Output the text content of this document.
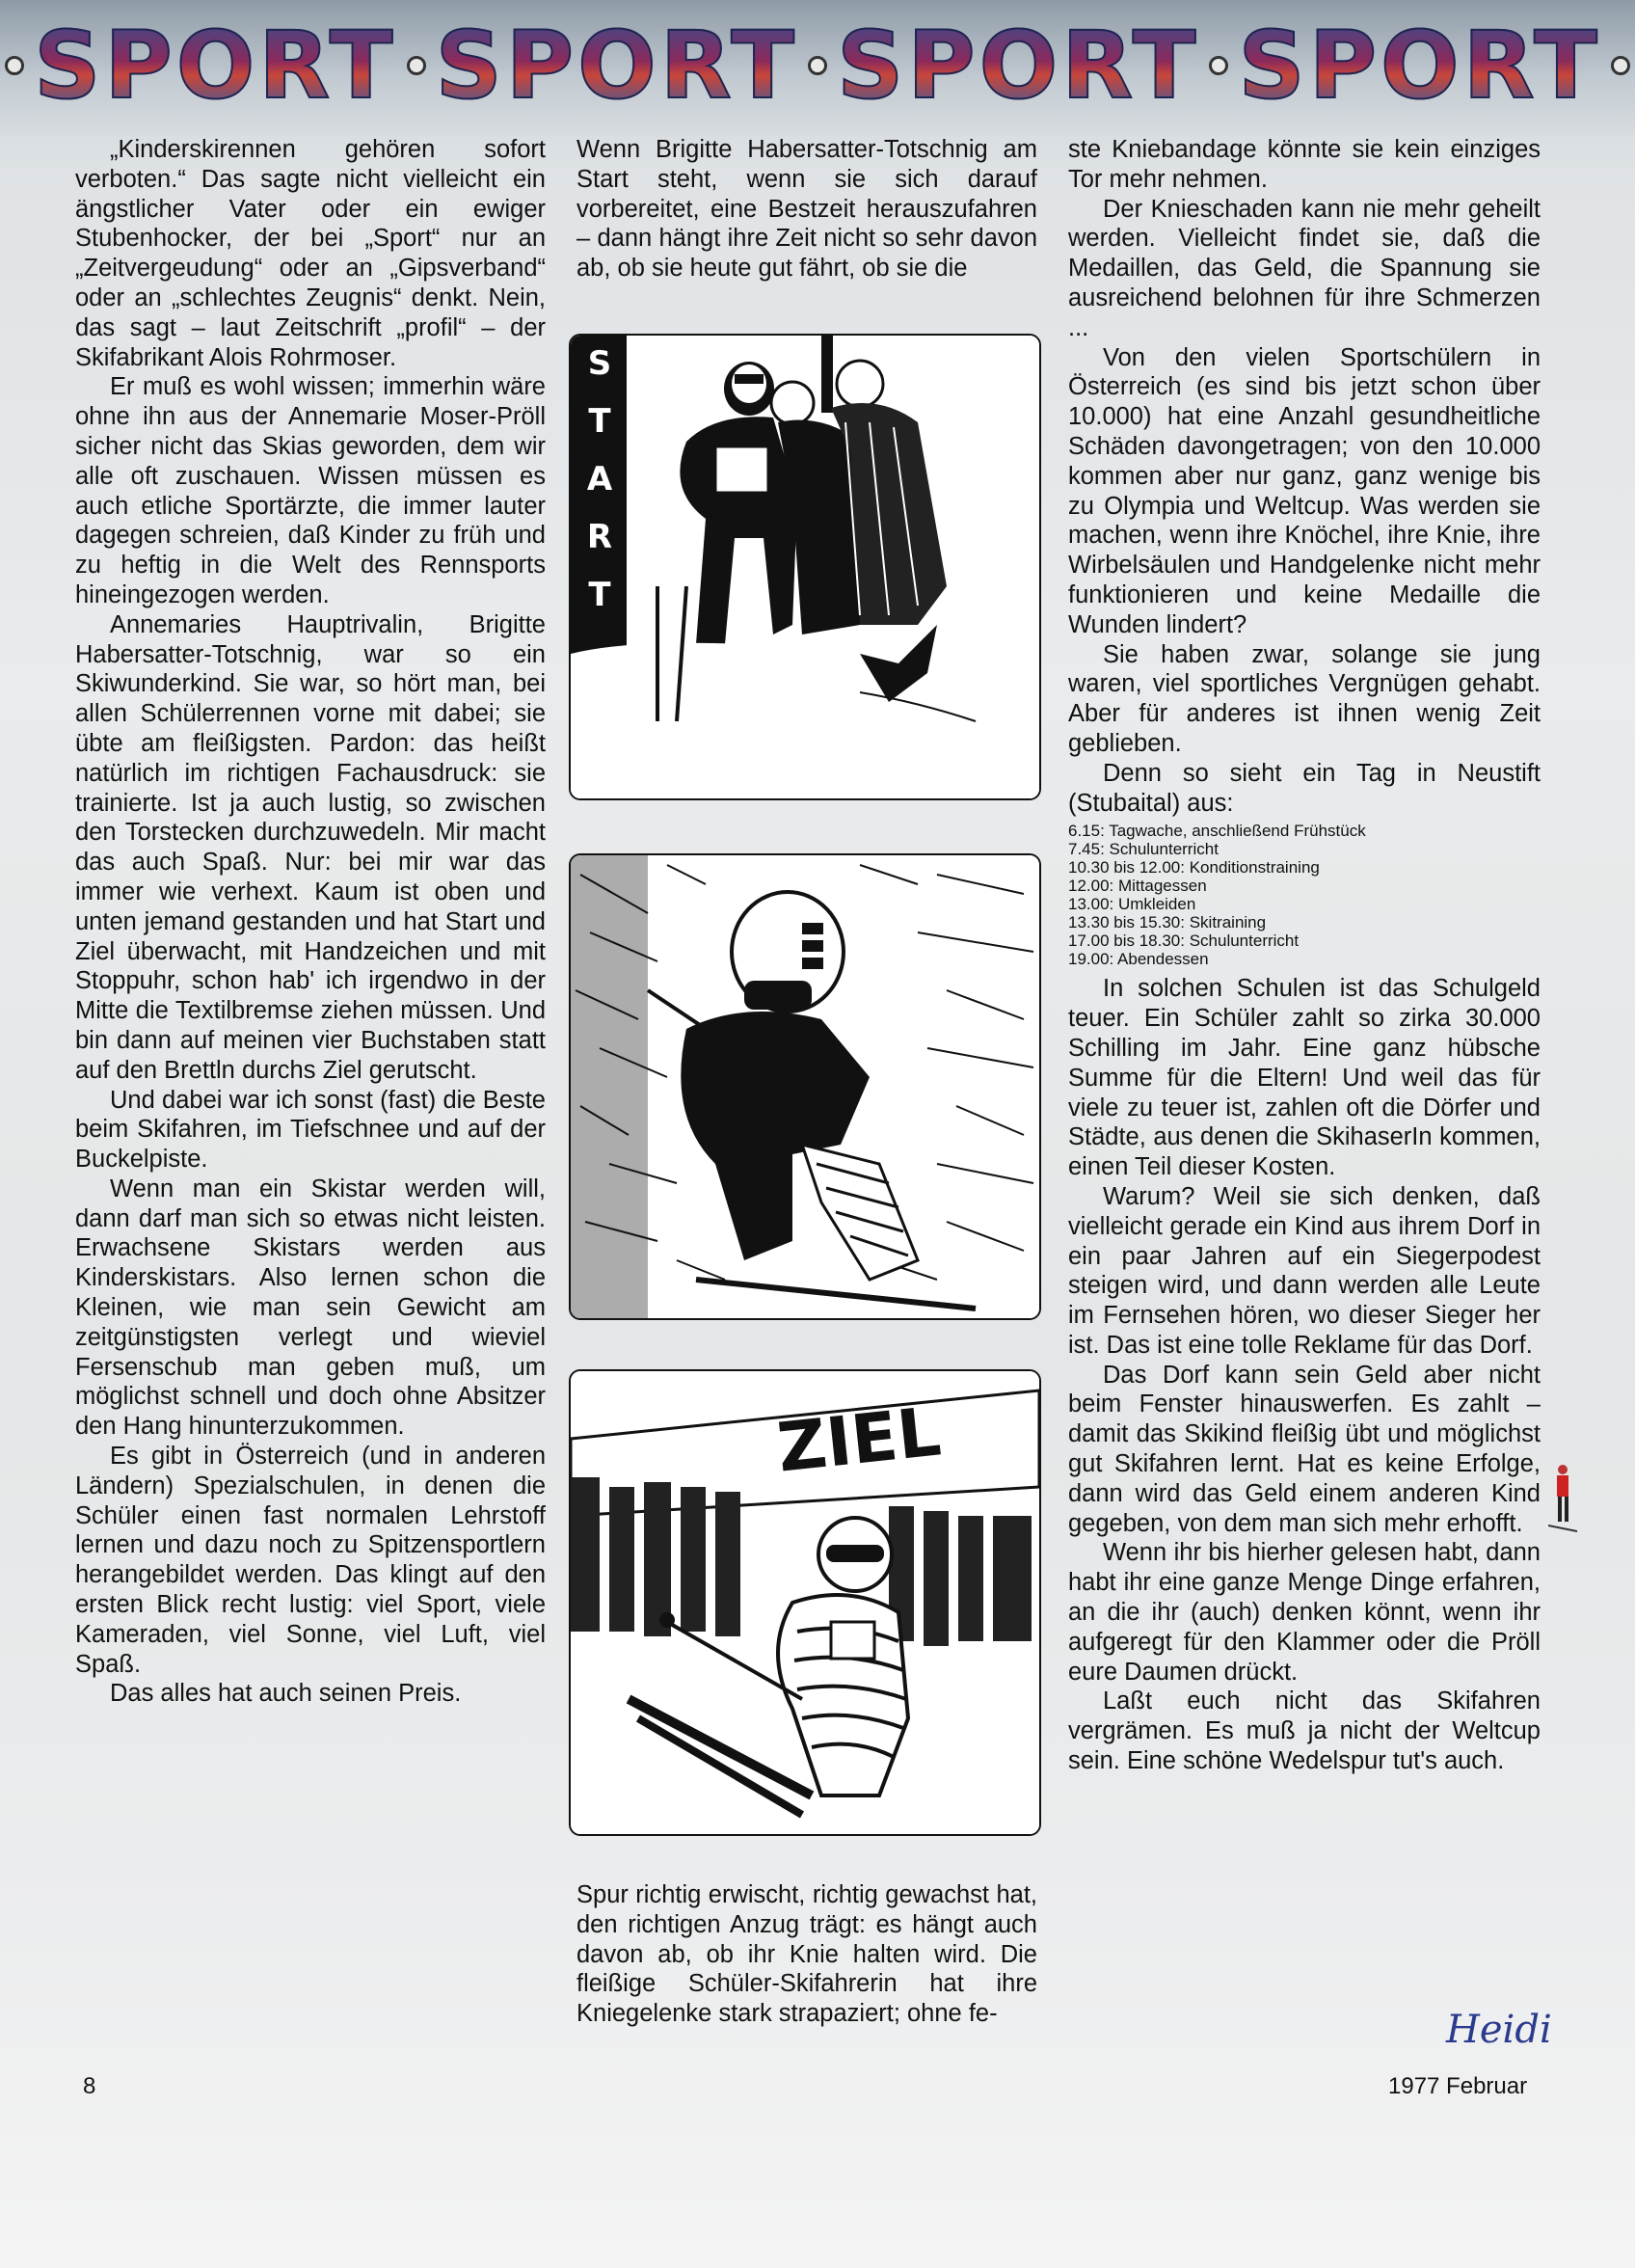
SPORT SPORT SPORT SPORT

„Kinderskirennen gehören sofort verboten.“ Das sagte nicht vielleicht ein ängstlicher Vater oder ein ewiger Stubenhocker, der bei „Sport“ nur an „Zeitvergeudung“ oder an „Gipsverband“ oder an „schlechtes Zeugnis“ denkt. Nein, das sagt – laut Zeitschrift „profil“ – der Skifabrikant Alois Rohrmoser.

Er muß es wohl wissen; immerhin wäre ohne ihn aus der Annemarie Moser-Pröll sicher nicht das Skias geworden, dem wir alle oft zuschauen. Wissen müssen es auch etliche Sportärzte, die immer lauter dagegen schreien, daß Kinder zu früh und zu heftig in die Welt des Rennsports hineingezogen werden.

Annemaries Hauptrivalin, Brigitte Habersatter-Totschnig, war so ein Skiwunderkind. Sie war, so hört man, bei allen Schülerrennen vorne mit dabei; sie übte am fleißigsten. Pardon: das heißt natürlich im richtigen Fachausdruck: sie trainierte. Ist ja auch lustig, so zwischen den Torstecken durchzuwedeln. Mir macht das auch Spaß. Nur: bei mir war das immer wie verhext. Kaum ist oben und unten jemand gestanden und hat Start und Ziel überwacht, mit Handzeichen und mit Stoppuhr, schon hab' ich irgendwo in der Mitte die Textilbremse ziehen müssen. Und bin dann auf meinen vier Buchstaben statt auf den Brettln durchs Ziel gerutscht.

Und dabei war ich sonst (fast) die Beste beim Skifahren, im Tiefschnee und auf der Buckelpiste.

Wenn man ein Skistar werden will, dann darf man sich so etwas nicht leisten. Erwachsene Skistars werden aus Kinderskistars. Also lernen schon die Kleinen, wie man sein Gewicht am zeitgünstigsten verlegt und wieviel Fersenschub man geben muß, um möglichst schnell und doch ohne Absitzer den Hang hinunterzukommen.

Es gibt in Österreich (und in anderen Ländern) Spezialschulen, in denen die Schüler einen fast normalen Lehrstoff lernen und dazu noch zu Spitzensportlern herangebildet werden. Das klingt auf den ersten Blick recht lustig: viel Sport, viele Kameraden, viel Sonne, viel Luft, viel Spaß.

Das alles hat auch seinen Preis.

Wenn Brigitte Habersatter-Totschnig am Start steht, wenn sie sich darauf vorbereitet, eine Bestzeit herauszufahren – dann hängt ihre Zeit nicht so sehr davon ab, ob sie heute gut fährt, ob sie die

S
T
A
R
T
ZIEL

Spur richtig erwischt, richtig gewachst hat, den richtigen Anzug trägt: es hängt auch davon ab, ob ihr Knie halten wird. Die fleißige Schüler-Skifahrerin hat ihre Kniegelenke stark strapaziert; ohne fe-

ste Kniebandage könnte sie kein einziges Tor mehr nehmen.

Der Knieschaden kann nie mehr geheilt werden. Vielleicht findet sie, daß die Medaillen, das Geld, die Spannung sie ausreichend belohnen für ihre Schmerzen ...

Von den vielen Sportschülern in Österreich (es sind bis jetzt schon über 10.000) hat eine Anzahl gesundheitliche Schäden davongetragen; von den 10.000 kommen aber nur ganz, ganz wenige bis zu Olympia und Weltcup. Was werden sie machen, wenn ihre Knöchel, ihre Knie, ihre Wirbelsäulen und Handgelenke nicht mehr funktionieren und keine Medaille die Wunden lindert?

Sie haben zwar, solange sie jung waren, viel sportliches Vergnügen gehabt. Aber für anderes ist ihnen wenig Zeit geblieben.

Denn so sieht ein Tag in Neustift (Stubaital) aus:

6.15: Tagwache, anschließend Frühstück
7.45: Schulunterricht
10.30 bis 12.00: Konditionstraining
12.00: Mittagessen
13.00: Umkleiden
13.30 bis 15.30: Skitraining
17.00 bis 18.30: Schulunterricht
19.00: Abendessen

In solchen Schulen ist das Schulgeld teuer. Ein Schüler zahlt so zirka 30.000 Schilling im Jahr. Eine ganz hübsche Summe für die Eltern! Und weil das für viele zu teuer ist, zahlen oft die Dörfer und Städte, aus denen die SkihaserIn kommen, einen Teil dieser Kosten.

Warum? Weil sie sich denken, daß vielleicht gerade ein Kind aus ihrem Dorf in ein paar Jahren auf ein Siegerpodest steigen wird, und dann werden alle Leute im Fernsehen hören, wo dieser Sieger her ist. Das ist eine tolle Reklame für das Dorf.

Das Dorf kann sein Geld aber nicht beim Fenster hinauswerfen. Es zahlt – damit das Skikind fleißig übt und möglichst gut Skifahren lernt. Hat es keine Erfolge, dann wird das Geld einem anderen Kind gegeben, von dem man sich mehr erhofft.

Wenn ihr bis hierher gelesen habt, dann habt ihr eine ganze Menge Dinge erfahren, an die ihr (auch) denken könnt, wenn ihr aufgeregt für den Klammer oder die Pröll eure Daumen drückt.

Laßt euch nicht das Skifahren vergrämen. Es muß ja nicht der Weltcup sein. Eine schöne Wedelspur tut's auch.

Heidi
8	1977 Februar
